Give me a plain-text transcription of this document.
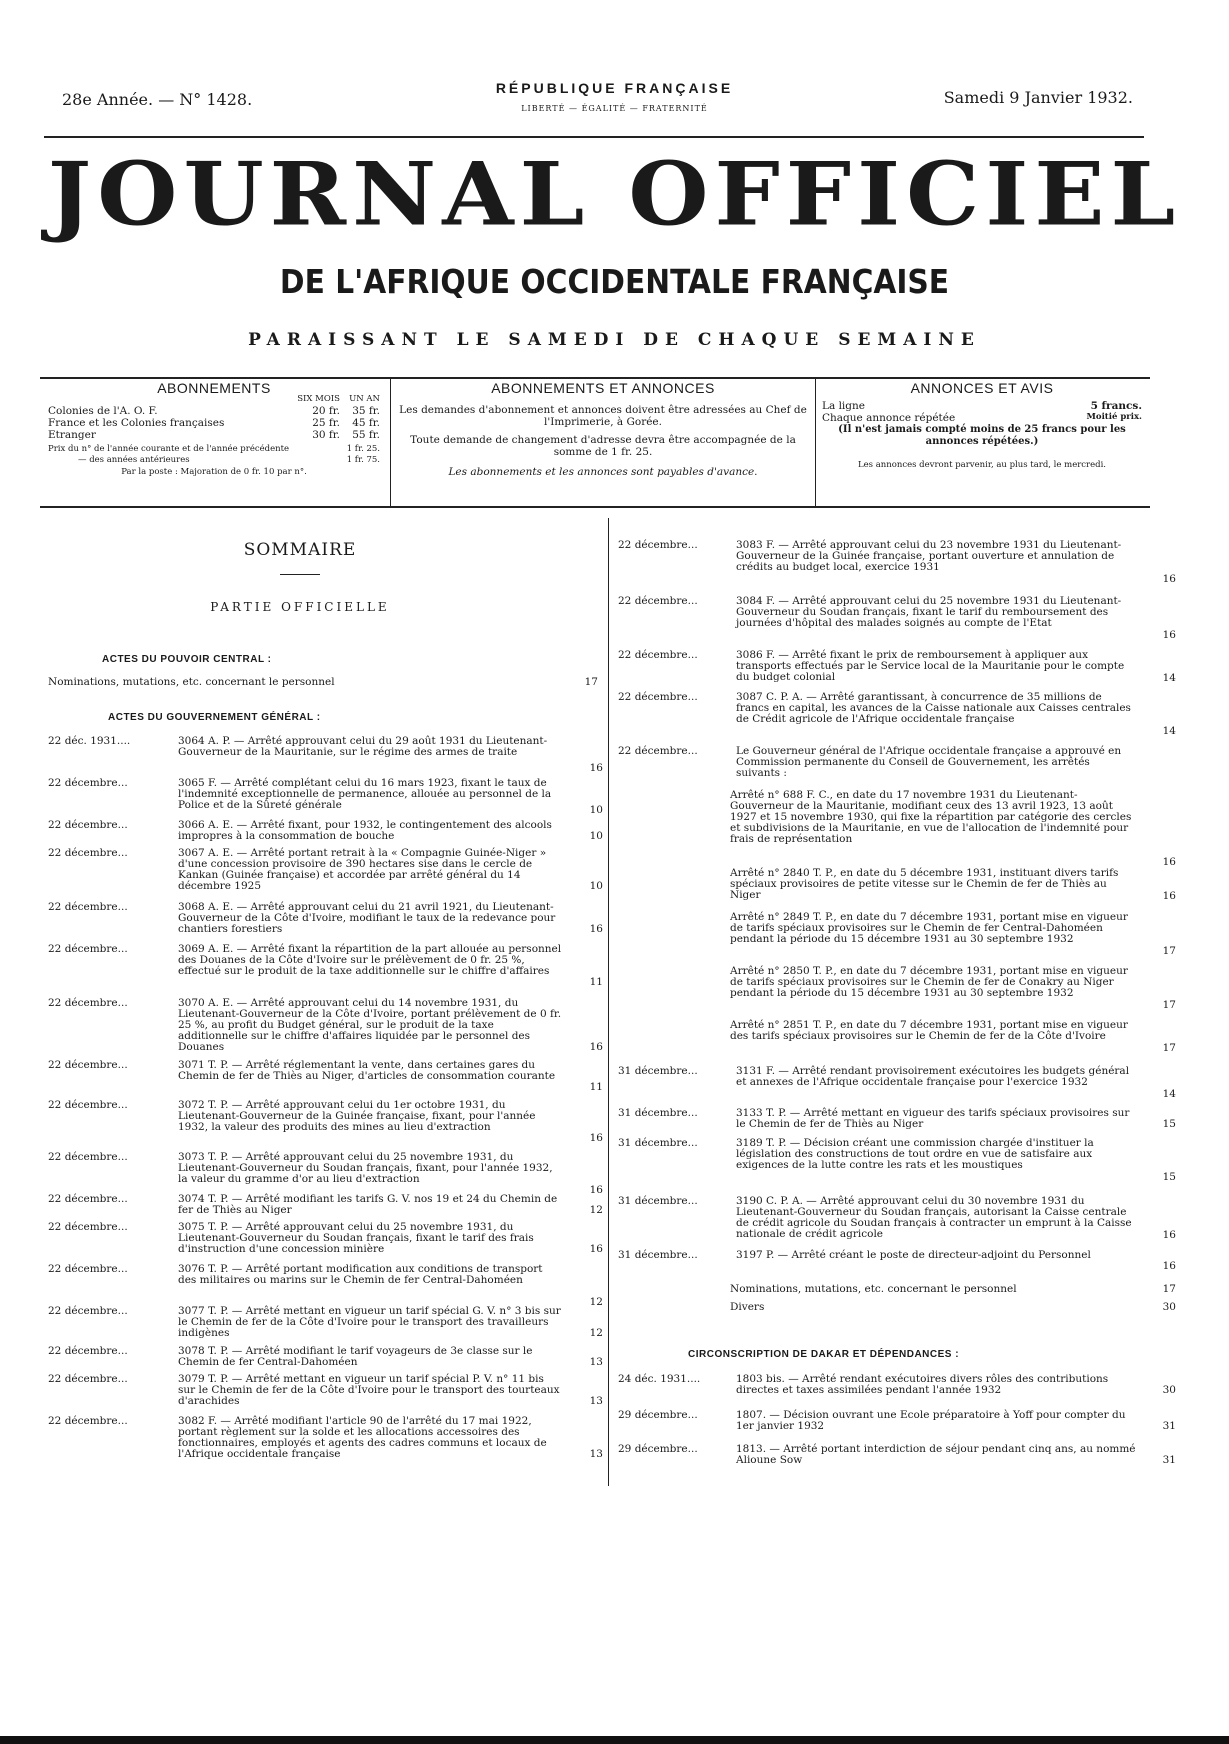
28e Année. — N° 1428.
RÉPUBLIQUE FRANÇAISE
LIBERTÉ — ÉGALITÉ — FRATERNITÉ
Samedi 9 Janvier 1932.
JOURNAL OFFICIEL
DE L'AFRIQUE OCCIDENTALE FRANÇAISE
PARAISSANT LE SAMEDI DE CHAQUE SEMAINE
ABONNEMENTS
SIX MOIS	UN AN
Colonies de l'A. O. F.	20 fr.	35 fr.
France et les Colonies françaises	25 fr.	45 fr.
Etranger	30 fr.	55 fr.
Prix du n° de l'année courante et de l'année précédente	1 fr. 25.
— des années antérieures	1 fr. 75.
Par la poste : Majoration de 0 fr. 10 par n°.
ABONNEMENTS ET ANNONCES
Les demandes d'abonnement et annonces doivent être adressées au Chef de l'Imprimerie, à Gorée.
Toute demande de changement d'adresse devra être accompagnée de la somme de 1 fr. 25.
Les abonnements et les annonces sont payables d'avance.
ANNONCES ET AVIS
La ligne	5 francs.
Chaque annonce répétée	Moitié prix.
(Il n'est jamais compté moins de 25 francs pour les annonces répétées.)
Les annonces devront parvenir, au plus tard, le mercredi.
SOMMAIRE
PARTIE OFFICIELLE
ACTES DU POUVOIR CENTRAL :
Nominations, mutations, etc. concernant le personnel	17
ACTES DU GOUVERNEMENT GÉNÉRAL :
22 déc. 1931....	3064 A. P. — Arrêté approuvant celui du 29 août 1931 du Lieutenant-Gouverneur de la Mauritanie, sur le régime des armes de traite
16
22 décembre...	3065 F. — Arrêté complétant celui du 16 mars 1923, fixant le taux de l'indemnité exceptionnelle de permanence, allouée au personnel de la Police et de la Sûreté générale	10
22 décembre...	3066 A. E. — Arrêté fixant, pour 1932, le contingentement des alcools impropres à la consommation de bouche	10
22 décembre...	3067 A. E. — Arrêté portant retrait à la « Compagnie Guinée-Niger » d'une concession provisoire de 390 hectares sise dans le cercle de Kankan (Guinée française) et accordée par arrêté général du 14 décembre 1925	10
22 décembre...	3068 A. E. — Arrêté approuvant celui du 21 avril 1921, du Lieutenant-Gouverneur de la Côte d'Ivoire, modifiant le taux de la redevance pour chantiers forestiers	16
22 décembre...	3069 A. E. — Arrêté fixant la répartition de la part allouée au personnel des Douanes de la Côte d'Ivoire sur le prélèvement de 0 fr. 25 %, effectué sur le produit de la taxe additionnelle sur le chiffre d'affaires
11
22 décembre...	3070 A. E. — Arrêté approuvant celui du 14 novembre 1931, du Lieutenant-Gouverneur de la Côte d'Ivoire, portant prélèvement de 0 fr. 25 %, au profit du Budget général, sur le produit de la taxe additionnelle sur le chiffre d'affaires liquidée par le personnel des Douanes	16
22 décembre...	3071 T. P. — Arrêté réglementant la vente, dans certaines gares du Chemin de fer de Thiès au Niger, d'articles de consommation courante
11
22 décembre...	3072 T. P. — Arrêté approuvant celui du 1er octobre 1931, du Lieutenant-Gouverneur de la Guinée française, fixant, pour l'année 1932, la valeur des produits des mines au lieu d'extraction
16
22 décembre...	3073 T. P. — Arrêté approuvant celui du 25 novembre 1931, du Lieutenant-Gouverneur du Soudan français, fixant, pour l'année 1932, la valeur du gramme d'or au lieu d'extraction
16
22 décembre...	3074 T. P. — Arrêté modifiant les tarifs G. V. nos 19 et 24 du Chemin de fer de Thiès au Niger	12
22 décembre...	3075 T. P. — Arrêté approuvant celui du 25 novembre 1931, du Lieutenant-Gouverneur du Soudan français, fixant le tarif des frais d'instruction d'une concession minière	16
22 décembre...	3076 T. P. — Arrêté portant modification aux conditions de transport des militaires ou marins sur le Chemin de fer Central-Dahoméen
12
22 décembre...	3077 T. P. — Arrêté mettant en vigueur un tarif spécial G. V. n° 3 bis sur le Chemin de fer de la Côte d'Ivoire pour le transport des travailleurs indigènes	12
22 décembre...	3078 T. P. — Arrêté modifiant le tarif voyageurs de 3e classe sur le Chemin de fer Central-Dahoméen	13
22 décembre...	3079 T. P. — Arrêté mettant en vigueur un tarif spécial P. V. n° 11 bis sur le Chemin de fer de la Côte d'Ivoire pour le transport des tourteaux d'arachides	13
22 décembre...	3082 F. — Arrêté modifiant l'article 90 de l'arrêté du 17 mai 1922, portant règlement sur la solde et les allocations accessoires des fonctionnaires, employés et agents des cadres communs et locaux de l'Afrique occidentale française	13
22 décembre...	3083 F. — Arrêté approuvant celui du 23 novembre 1931 du Lieutenant-Gouverneur de la Guinée française, portant ouverture et annulation de crédits au budget local, exercice 1931
16
22 décembre...	3084 F. — Arrêté approuvant celui du 25 novembre 1931 du Lieutenant-Gouverneur du Soudan français, fixant le tarif du remboursement des journées d'hôpital des malades soignés au compte de l'Etat
16
22 décembre...	3086 F. — Arrêté fixant le prix de remboursement à appliquer aux transports effectués par le Service local de la Mauritanie pour le compte du budget colonial	14
22 décembre...	3087 C. P. A. — Arrêté garantissant, à concurrence de 35 millions de francs en capital, les avances de la Caisse nationale aux Caisses centrales de Crédit agricole de l'Afrique occidentale française
14
22 décembre...	Le Gouverneur général de l'Afrique occidentale française a approuvé en Commission permanente du Conseil de Gouvernement, les arrêtés suivants :
Arrêté n° 688 F. C., en date du 17 novembre 1931 du Lieutenant-Gouverneur de la Mauritanie, modifiant ceux des 13 avril 1923, 13 août 1927 et 15 novembre 1930, qui fixe la répartition par catégorie des cercles et subdivisions de la Mauritanie, en vue de l'allocation de l'indemnité pour frais de représentation
16
Arrêté n° 2840 T. P., en date du 5 décembre 1931, instituant divers tarifs spéciaux provisoires de petite vitesse sur le Chemin de fer de Thiès au Niger	16
Arrêté n° 2849 T. P., en date du 7 décembre 1931, portant mise en vigueur de tarifs spéciaux provisoires sur le Chemin de fer Central-Dahoméen pendant la période du 15 décembre 1931 au 30 septembre 1932
17
Arrêté n° 2850 T. P., en date du 7 décembre 1931, portant mise en vigueur de tarifs spéciaux provisoires sur le Chemin de fer de Conakry au Niger pendant la période du 15 décembre 1931 au 30 septembre 1932
17
Arrêté n° 2851 T. P., en date du 7 décembre 1931, portant mise en vigueur des tarifs spéciaux provisoires sur le Chemin de fer de la Côte d'Ivoire
17
31 décembre...	3131 F. — Arrêté rendant provisoirement exécutoires les budgets général et annexes de l'Afrique occidentale française pour l'exercice 1932
14
31 décembre...	3133 T. P. — Arrêté mettant en vigueur des tarifs spéciaux provisoires sur le Chemin de fer de Thiès au Niger	15
31 décembre...	3189 T. P. — Décision créant une commission chargée d'instituer la législation des constructions de tout ordre en vue de satisfaire aux exigences de la lutte contre les rats et les moustiques
15
31 décembre...	3190 C. P. A. — Arrêté approuvant celui du 30 novembre 1931 du Lieutenant-Gouverneur du Soudan français, autorisant la Caisse centrale de crédit agricole du Soudan français à contracter un emprunt à la Caisse nationale de crédit agricole	16
31 décembre...	3197 P. — Arrêté créant le poste de directeur-adjoint du Personnel
16
Nominations, mutations, etc. concernant le personnel	17
Divers	30
CIRCONSCRIPTION DE DAKAR ET DÉPENDANCES :
24 déc. 1931....	1803 bis. — Arrêté rendant exécutoires divers rôles des contributions directes et taxes assimilées pendant l'année 1932	30
29 décembre...	1807. — Décision ouvrant une Ecole préparatoire à Yoff pour compter du 1er janvier 1932	31
29 décembre...	1813. — Arrêté portant interdiction de séjour pendant cinq ans, au nommé Alioune Sow	31
